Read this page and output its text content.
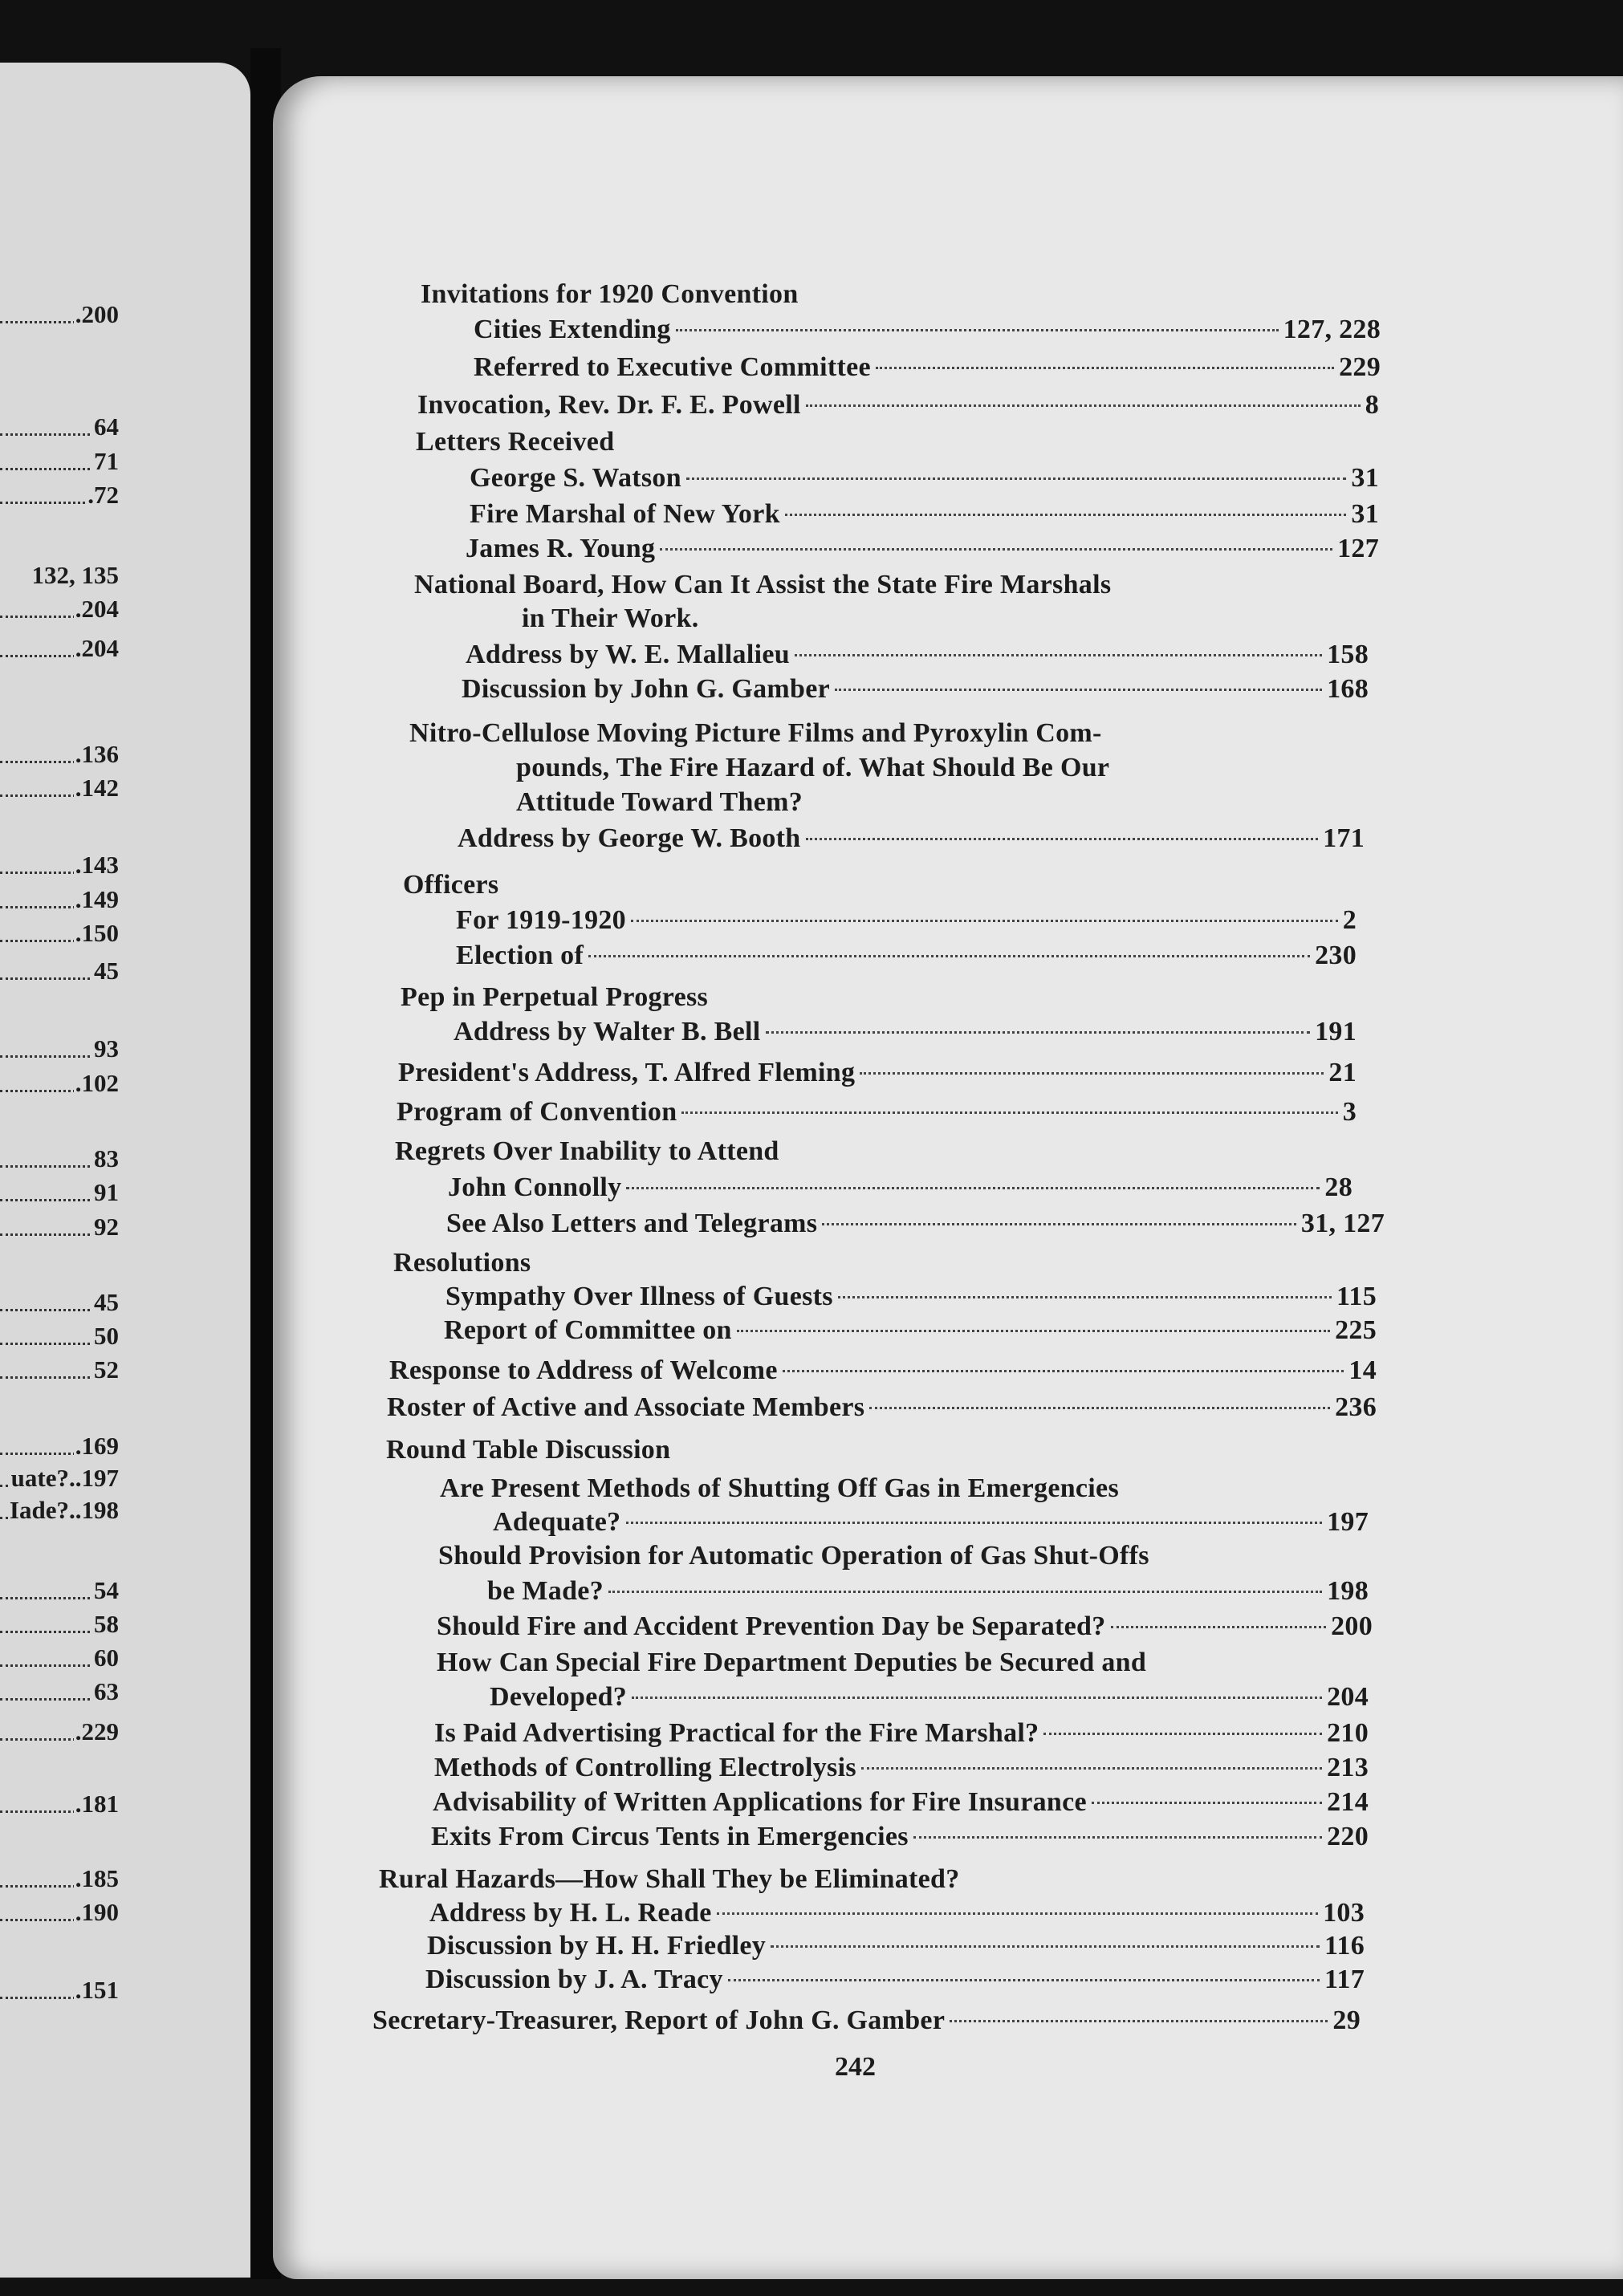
.200
64
71
.72
132, 135
.204
.204
.136
.142
.143
.149
.150
45
93
.102
83
91
92
45
50
52
.169
uate?..197
Iade?..198
54
58
60
63
.229
.181
.185
.190
.151
Invitations for 1920 Convention
Cities Extending	127, 228
Referred to Executive Committee	229
Invocation, Rev. Dr. F. E. Powell	8
Letters Received
George S. Watson	31
Fire Marshal of New York	31
James R. Young	127
National Board, How Can It Assist the State Fire Marshals
in Their Work.
Address by W. E. Mallalieu	158
Discussion by John G. Gamber	168
Nitro-Cellulose Moving Picture Films and Pyroxylin Com-
pounds, The Fire Hazard of. What Should Be Our
Attitude Toward Them?
Address by George W. Booth	171
Officers
For 1919-1920	2
Election of	230
Pep in Perpetual Progress
Address by Walter B. Bell	191
President's Address, T. Alfred Fleming	21
Program of Convention	3
Regrets Over Inability to Attend
John Connolly	28
See Also Letters and Telegrams	31, 127
Resolutions
Sympathy Over Illness of Guests	115
Report of Committee on	225
Response to Address of Welcome	14
Roster of Active and Associate Members	236
Round Table Discussion
Are Present Methods of Shutting Off Gas in Emergencies
Adequate?	197
Should Provision for Automatic Operation of Gas Shut-Offs
be Made?	198
Should Fire and Accident Prevention Day be Separated?	200
How Can Special Fire Department Deputies be Secured and
Developed?	204
Is Paid Advertising Practical for the Fire Marshal?	210
Methods of Controlling Electrolysis	213
Advisability of Written Applications for Fire Insurance	214
Exits From Circus Tents in Emergencies	220
Rural Hazards—How Shall They be Eliminated?
Address by H. L. Reade	103
Discussion by H. H. Friedley	116
Discussion by J. A. Tracy	117
Secretary-Treasurer, Report of John G. Gamber	29
242
